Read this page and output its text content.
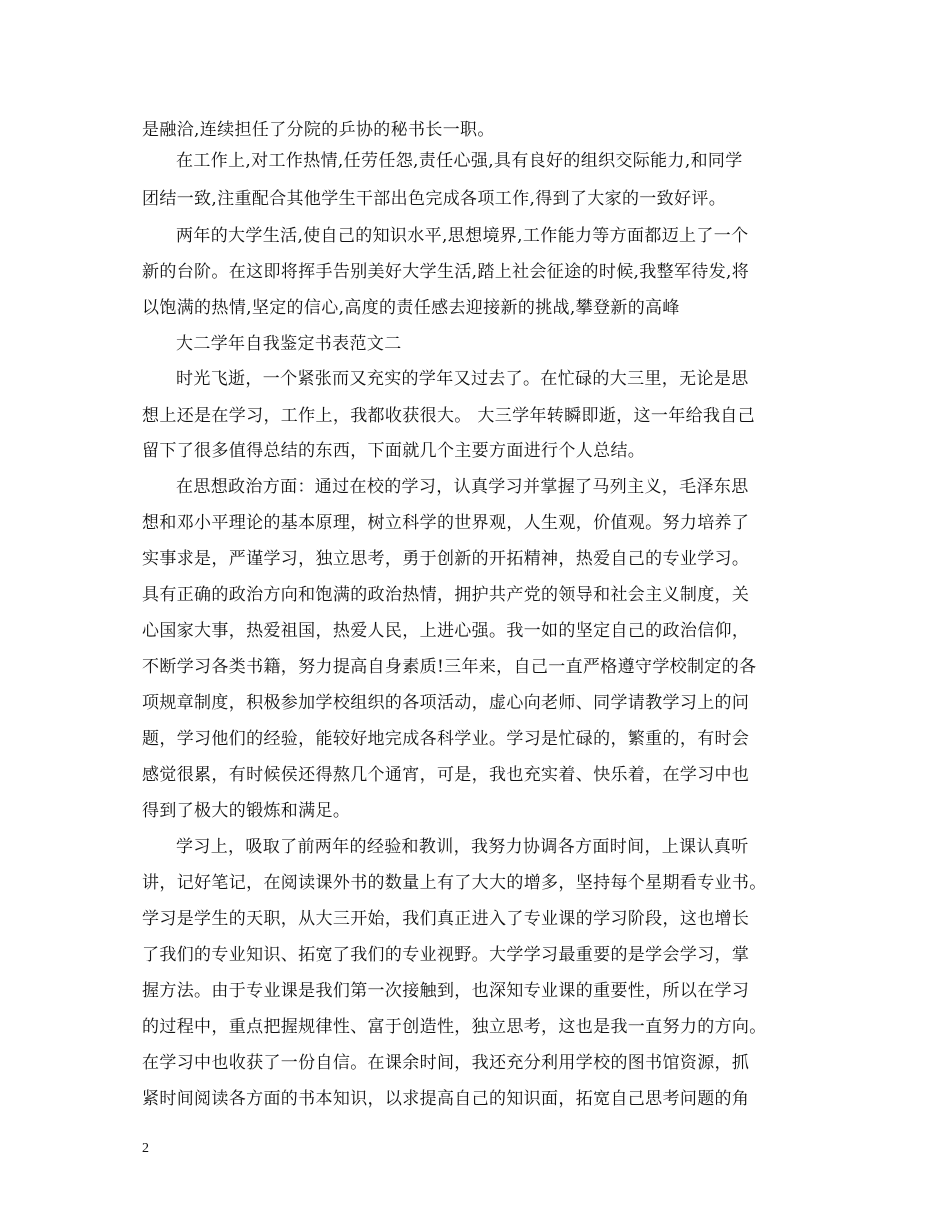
是融洽,连续担任了分院的乒协的秘书长一职。
在工作上,对工作热情,任劳任怨,责任心强,具有良好的组织交际能力,和同学
团结一致,注重配合其他学生干部出色完成各项工作,得到了大家的一致好评。
两年的大学生活,使自己的知识水平,思想境界,工作能力等方面都迈上了一个
新的台阶。在这即将挥手告别美好大学生活,踏上社会征途的时候,我整军待发,将
以饱满的热情,坚定的信心,高度的责任感去迎接新的挑战,攀登新的高峰
大二学年自我鉴定书表范文二
时光飞逝，一个紧张而又充实的学年又过去了。在忙碌的大三里，无论是思
想上还是在学习，工作上，我都收获很大。 大三学年转瞬即逝，这一年给我自己
留下了很多值得总结的东西，下面就几个主要方面进行个人总结。
在思想政治方面：通过在校的学习，认真学习并掌握了马列主义，毛泽东思
想和邓小平理论的基本原理，树立科学的世界观，人生观，价值观。努力培养了
实事求是，严谨学习，独立思考，勇于创新的开拓精神，热爱自己的专业学习。
具有正确的政治方向和饱满的政治热情，拥护共产党的领导和社会主义制度，关
心国家大事，热爱祖国，热爱人民，上进心强。我一如的坚定自己的政治信仰，
不断学习各类书籍，努力提高自身素质!三年来，自己一直严格遵守学校制定的各
项规章制度，积极参加学校组织的各项活动，虚心向老师、同学请教学习上的问
题，学习他们的经验，能较好地完成各科学业。学习是忙碌的，繁重的，有时会
感觉很累，有时候侯还得熬几个通宵，可是，我也充实着、快乐着，在学习中也
得到了极大的锻炼和满足。
学习上，吸取了前两年的经验和教训，我努力协调各方面时间，上课认真听
讲，记好笔记，在阅读课外书的数量上有了大大的增多，坚持每个星期看专业书。
学习是学生的天职，从大三开始，我们真正进入了专业课的学习阶段，这也增长
了我们的专业知识、拓宽了我们的专业视野。大学学习最重要的是学会学习，掌
握方法。由于专业课是我们第一次接触到，也深知专业课的重要性，所以在学习
的过程中，重点把握规律性、富于创造性，独立思考，这也是我一直努力的方向。
在学习中也收获了一份自信。在课余时间，我还充分利用学校的图书馆资源，抓
紧时间阅读各方面的书本知识，以求提高自己的知识面，拓宽自己思考问题的角
2
